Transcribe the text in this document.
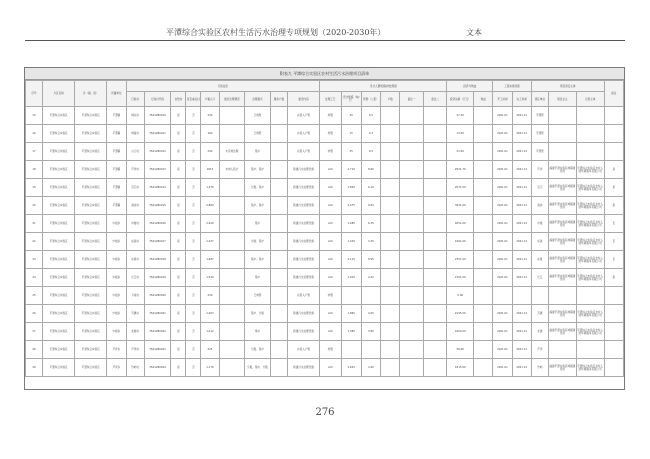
平潭综合实验区农村生活污水治理专项规划（2020-2030年）	文本
附表九 平潭综合实验区农村生活污水治理项目清单
序号	片区名称	乡（镇、街）	所属单位	行政信息									设计人群规模/排放规模						投资与效益		工程实施进度		项目责任主体			备注
				行政村	行政村代码	自然村	是否重点村	户籍人口	现状治理情况	治理模式	服务户数	建设内容	处理工艺	设计规模（吨/天）	管网（公里）	户数	备注一	备注二	投资估算（万元）	效益	开工时间	完工时间	责任单位	项目业主	运营主体	
15	平潭综合实验区	平潭综合实验区	平潭镇	城关村	3501280010	是	否	230		已纳管		完善入户管	纳管	30	0.5				27.20		2021.01	2021.12	平潭管			
16	平潭综合实验区	平潭综合实验区	平潭镇	城南村	3501280011	是	否	160		已纳管		完善入户管	纳管	15	0.3				13.00		2021.01	2021.12	平潭管			
17	平潭综合实验区	平潭综合实验区	平潭镇	山门村	3501280012	是	否	240	未有效治理	集中		完善入户管	纳管	25	0.5				23.00		2021.01	2021.12	平潭管			
18	平潭综合实验区	平潭综合实验区	平潭镇	芦洋村	3501280013	是	否	1815	未纳入统计	集中、集中		新建污水处理设施	A/O	2,710	8.60				2931.70		2021.01	2021.12	芦洋	福建平潭实验区城镇建设局	平潭综合实验区农村人居环境服务有限公司	是
19	平潭综合实验区	平潭综合实验区	平潭镇	官宅村	3501280014	是	否	1,370		分散、集中		新建污水处理设施	A/O	1,850	6.10				2071.00		2021.01	2021.12	官宅	福建平潭实验区城镇建设局	平潭综合实验区农村人居环境服务有限公司	是
20	平潭综合实验区	平潭综合实验区	平潭镇	南赤村	3501280015	是	否	2,880		集中、集中		新建污水处理设施	A/O	4,475	9.84				3931.00		2021.01	2021.12	南赤	福建平潭实验区城镇建设局	平潭综合实验区农村人居环境服务有限公司	是
21	平潭综合实验区	平潭综合实验区	中楼乡	中楼村	3501280016	是	否	2,920		集中		新建污水处理设施	A/O	1,480	6.35				4051.00		2021.01	2021.12	中楼	福建平潭实验区城镇建设局	平潭综合实验区农村人居环境服务有限公司	否
22	平潭综合实验区	平潭综合实验区	中楼乡	东美村	3501280017	是	否	1,427		分散、集中		新建污水处理设施	A/O	1,450	3.45				1961.00		2021.01	2021.12	东美	福建平潭实验区城镇建设局	平潭综合实验区农村人居环境服务有限公司	否
23	平潭综合实验区	平潭综合实验区	中楼乡	东星村	3501280018	是	否	1,687		集中、集中		新建污水处理设施	A/O	2,115	6.95				2351.00		2021.01	2021.12	东星	福建平潭实验区城镇建设局	平潭综合实验区农村人居环境服务有限公司	否
24	平潭综合实验区	平潭综合实验区	中楼乡	长江村	3501280019	是	否	1,540		集中		新建污水处理设施	A/O	1,910	4.22				2161.00		2021.01	2021.12	长江	福建平潭实验区城镇建设局	平潭综合实验区农村人居环境服务有限公司	是
25	平潭综合实验区	平潭综合实验区	中楼乡	下垅村	3501280020	是	否	230		已纳管		完善入户管	纳管						0.00							
26	平潭综合实验区	平潭综合实验区	中楼乡	苏澳村	3501280021	是	否	1,263		集中、分散		新建污水处理设施	A/O	1,865	4.05				2195.00		2021.01	2021.12	苏澳	福建平潭实验区城镇建设局	平潭综合实验区农村人居环境服务有限公司	
27	平潭综合实验区	平潭综合实验区	中楼乡	北港村	3501280022	是	否	1,012		集中		新建污水处理设施	A/O	1,380	3.80				1600.00		2021.01	2021.12	北港	福建平潭实验区城镇建设局	平潭综合实验区农村人居环境服务有限公司	
28	平潭综合实验区	平潭综合实验区	芦洋乡	芦洋村	3501280023	是	否	225		分散、集中		完善入户管	纳管						56.00		2021.01	2021.12	芦洋			
29	平潭综合实验区	平潭综合实验区	芦洋乡	竹屿村	3501280024	是	否	1,176		分散、集中、分散		新建污水处理设施	A/O	1,625	4.40				1815.00		2021.01	2021.12	竹屿	福建平潭实验区城镇建设局	平潭综合实验区农村人居环境服务有限公司	
276
